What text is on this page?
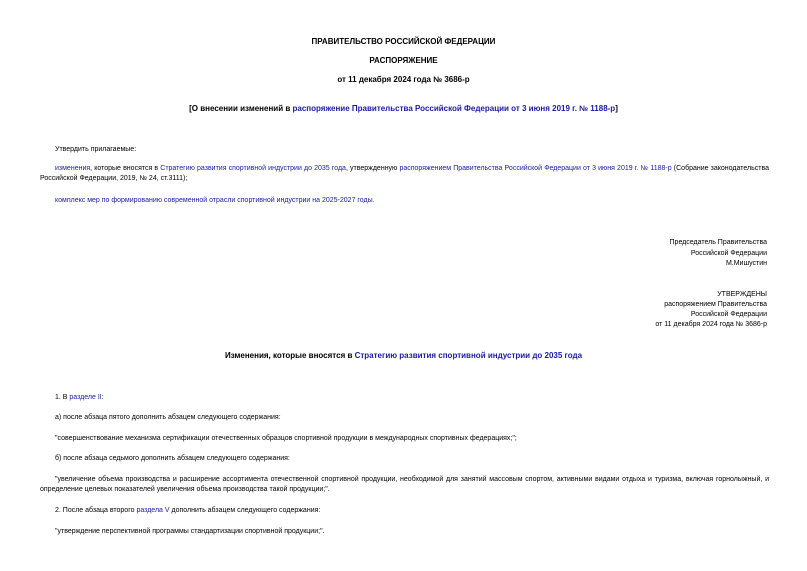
ПРАВИТЕЛЬСТВО РОССИЙСКОЙ ФЕДЕРАЦИИ
РАСПОРЯЖЕНИЕ
от 11 декабря 2024 года № 3686-р
[О внесении изменений в распоряжение Правительства Российской Федерации от 3 июня 2019 г. № 1188-р]
Утвердить прилагаемые:
изменения, которые вносятся в Стратегию развития спортивной индустрии до 2035 года, утвержденную распоряжением Правительства Российской Федерации от 3 июня 2019 г. № 1188-р (Собрание законодательства Российской Федерации, 2019, № 24, ст.3111);
комплекс мер по формированию современной отрасли спортивной индустрии на 2025-2027 годы.
Председатель Правительства
Российской Федерации
М.Мишустин
УТВЕРЖДЕНЫ
распоряжением Правительства
Российской Федерации
от 11 декабря 2024 года № 3686-р
Изменения, которые вносятся в Стратегию развития спортивной индустрии до 2035 года
1. В разделе II:
а) после абзаца пятого дополнить абзацем следующего содержания:
"совершенствование механизма сертификации отечественных образцов спортивной продукции в международных спортивных федерациях;";
б) после абзаца седьмого дополнить абзацем следующего содержания:
"увеличение объема производства и расширение ассортимента отечественной спортивной продукции, необходимой для занятий массовым спортом, активными видами отдыха и туризма, включая горнолыжный, и определение целевых показателей увеличения объема производства такой продукции;".
2. После абзаца второго раздела V дополнить абзацем следующего содержания:
"утверждение перспективной программы стандартизации спортивной продукции;".
